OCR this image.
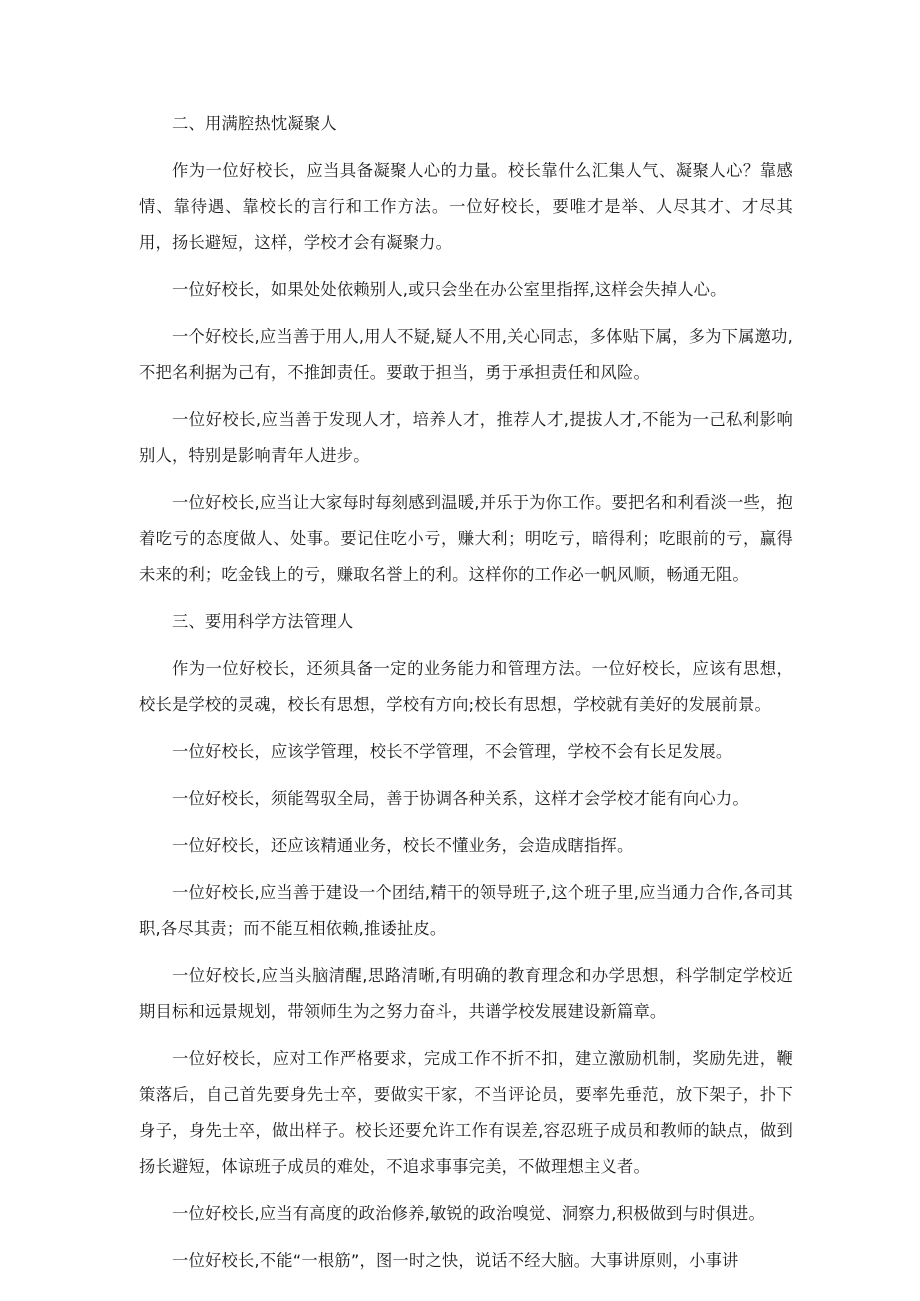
二、用满腔热忱凝聚人

作为一位好校长，应当具备凝聚人心的力量。校长靠什么汇集人气、凝聚人心？靠感情、靠待遇、靠校长的言行和工作方法。一位好校长，要唯才是举、人尽其才、才尽其用，扬长避短，这样，学校才会有凝聚力。

一位好校长，如果处处依赖别人,或只会坐在办公室里指挥,这样会失掉人心。

一个好校长,应当善于用人,用人不疑,疑人不用,关心同志，多体贴下属，多为下属邀功,不把名利据为己有，不推卸责任。要敢于担当，勇于承担责任和风险。

一位好校长,应当善于发现人才，培养人才，推荐人才,提拔人才,不能为一己私利影响别人，特别是影响青年人进步。

一位好校长,应当让大家每时每刻感到温暖,并乐于为你工作。要把名和利看淡一些，抱着吃亏的态度做人、处事。要记住吃小亏，赚大利；明吃亏，暗得利；吃眼前的亏，赢得未来的利；吃金钱上的亏，赚取名誉上的利。这样你的工作必一帆风顺，畅通无阻。

三、要用科学方法管理人

作为一位好校长，还须具备一定的业务能力和管理方法。一位好校长，应该有思想，校长是学校的灵魂，校长有思想，学校有方向;校长有思想，学校就有美好的发展前景。

一位好校长，应该学管理，校长不学管理，不会管理，学校不会有长足发展。

一位好校长，须能驾驭全局，善于协调各种关系，这样才会学校才能有向心力。

一位好校长，还应该精通业务，校长不懂业务，会造成瞎指挥。

一位好校长,应当善于建设一个团结,精干的领导班子,这个班子里,应当通力合作,各司其职,各尽其责；而不能互相依赖,推诿扯皮。

一位好校长,应当头脑清醒,思路清晰,有明确的教育理念和办学思想，科学制定学校近期目标和远景规划，带领师生为之努力奋斗，共谱学校发展建设新篇章。

一位好校长，应对工作严格要求，完成工作不折不扣，建立激励机制，奖励先进，鞭策落后，自己首先要身先士卒，要做实干家，不当评论员，要率先垂范，放下架子，扑下身子，身先士卒，做出样子。校长还要允许工作有误差,容忍班子成员和教师的缺点，做到扬长避短，体谅班子成员的难处，不追求事事完美，不做理想主义者。

一位好校长,应当有高度的政治修养,敏锐的政治嗅觉、洞察力,积极做到与时俱进。

一位好校长,不能“一根筋”，图一时之快，说话不经大脑。大事讲原则，小事讲
